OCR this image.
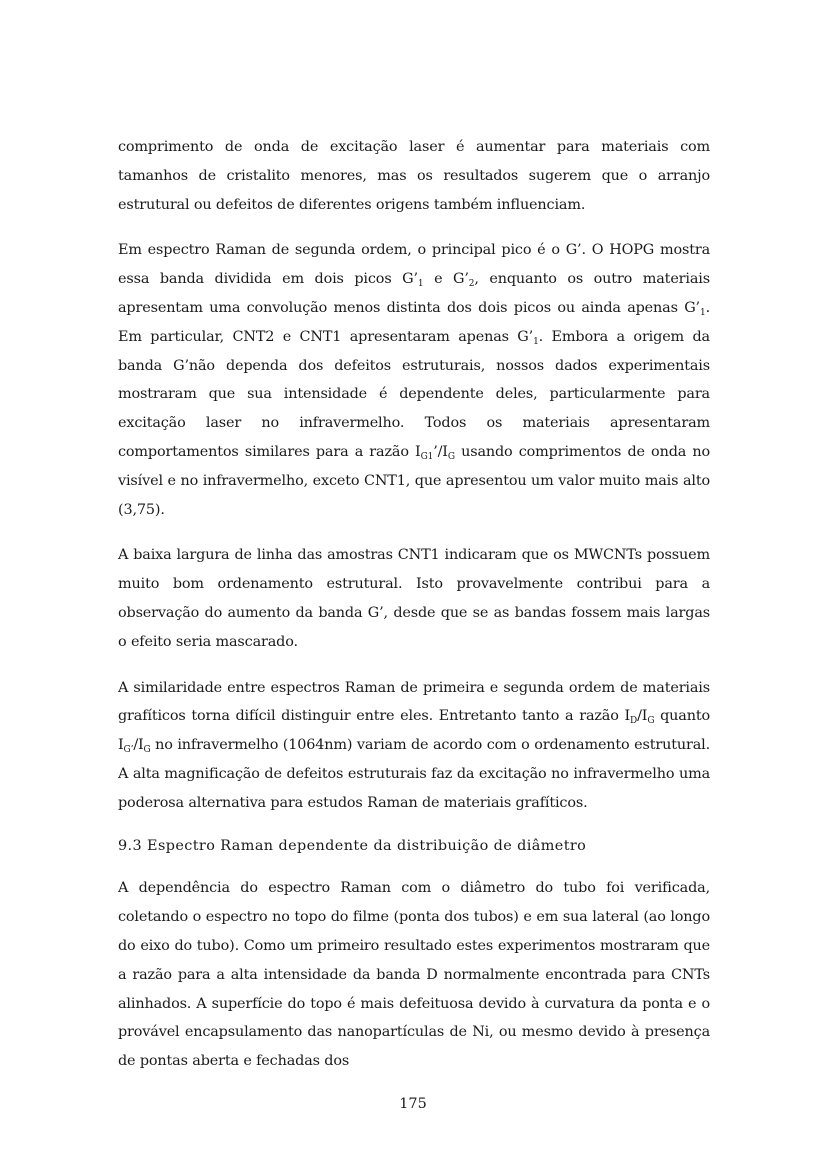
comprimento de onda de excitação laser é aumentar para materiais com tamanhos de cristalito menores, mas os resultados sugerem que o arranjo estrutural ou defeitos de diferentes origens também influenciam.

Em espectro Raman de segunda ordem, o principal pico é o G’. O HOPG mostra essa banda dividida em dois picos $G’_1$ e $G’_2$, enquanto os outro materiais apresentam uma convolução menos distinta dos dois picos ou ainda apenas $G’_1$. Em particular, CNT2 e CNT1 apresentaram apenas $G’_1$. Embora a origem da banda G’não dependa dos defeitos estruturais, nossos dados experimentais mostraram que sua intensidade é dependente deles, particularmente para excitação laser no infravermelho. Todos os materiais apresentaram comportamentos similares para a razão $I_{G1}’/I_G$ usando comprimentos de onda no visível e no infravermelho, exceto CNT1, que apresentou um valor muito mais alto (3,75).

A baixa largura de linha das amostras CNT1 indicaram que os MWCNTs possuem muito bom ordenamento estrutural. Isto provavelmente contribui para a observação do aumento da banda G’, desde que se as bandas fossem mais largas o efeito seria mascarado.

A similaridade entre espectros Raman de primeira e segunda ordem de materiais grafíticos torna difícil distinguir entre eles. Entretanto tanto a razão $I_D/I_G$ quanto $I_{G’}/I_G$ no infravermelho (1064nm) variam de acordo com o ordenamento estrutural. A alta magnificação de defeitos estruturais faz da excitação no infravermelho uma poderosa alternativa para estudos Raman de materiais grafíticos.

9.3 Espectro Raman dependente da distribuição de diâmetro

A dependência do espectro Raman com o diâmetro do tubo foi verificada, coletando o espectro no topo do filme (ponta dos tubos) e em sua lateral (ao longo do eixo do tubo). Como um primeiro resultado estes experimentos mostraram que a razão para a alta intensidade da banda D normalmente encontrada para CNTs alinhados. A superfície do topo é mais defeituosa devido à curvatura da ponta e o provável encapsulamento das nanopartículas de Ni, ou mesmo devido à presença de pontas aberta e fechadas dos

175
